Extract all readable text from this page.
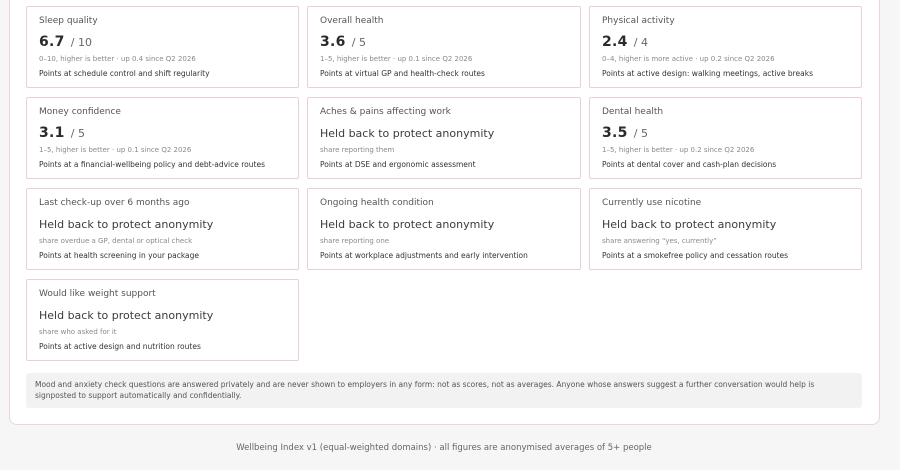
Sleep quality
6.7 / 10
0–10, higher is better · up 0.4 since Q2 2026
Points at schedule control and shift regularity
Overall health
3.6 / 5
1–5, higher is better · up 0.1 since Q2 2026
Points at virtual GP and health-check routes
Physical activity
2.4 / 4
0–4, higher is more active · up 0.2 since Q2 2026
Points at active design: walking meetings, active breaks
Money confidence
3.1 / 5
1–5, higher is better · up 0.1 since Q2 2026
Points at a financial-wellbeing policy and debt-advice routes
Aches & pains affecting work
Held back to protect anonymity
share reporting them
Points at DSE and ergonomic assessment
Dental health
3.5 / 5
1–5, higher is better · up 0.2 since Q2 2026
Points at dental cover and cash-plan decisions
Last check-up over 6 months ago
Held back to protect anonymity
share overdue a GP, dental or optical check
Points at health screening in your package
Ongoing health condition
Held back to protect anonymity
share reporting one
Points at workplace adjustments and early intervention
Currently use nicotine
Held back to protect anonymity
share answering “yes, currently”
Points at a smokefree policy and cessation routes
Would like weight support
Held back to protect anonymity
share who asked for it
Points at active design and nutrition routes
Mood and anxiety check questions are answered privately and are never shown to employers in any form: not as scores, not as averages. Anyone whose answers suggest a further conversation would help is signposted to support automatically and confidentially.
Wellbeing Index v1 (equal-weighted domains) · all figures are anonymised averages of 5+ people
